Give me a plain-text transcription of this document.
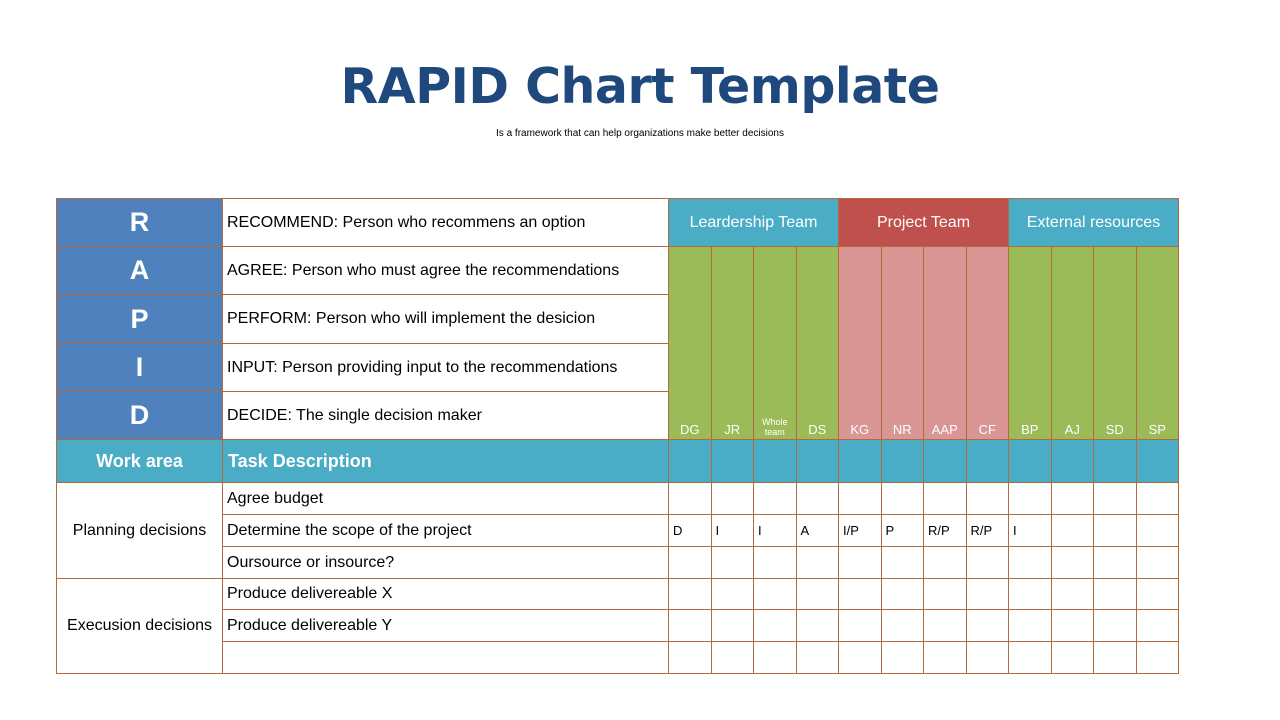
RAPID Chart Template
Is a framework that can help organizations make better decisions
R	RECOMMEND: Person who recommens an option	Leardership Team				Project Team				External resources			
A	AGREE: Person who must agree the recommendations	DG	JR	Whole team	DS	KG	NR	AAP	CF	BP	AJ	SD	SP
P	PERFORM: Person who will implement the desicion												
I	INPUT: Person providing input to the recommendations												
D	DECIDE: The single decision maker												
Work area	Task Description												
Planning decisions	Agree budget												
	Determine the scope of the project	D	I	I	A	I/P	P	R/P	R/P	I			
	Oursource or insource?												
Execusion decisions	Produce delivereable X												
	Produce delivereable Y												
